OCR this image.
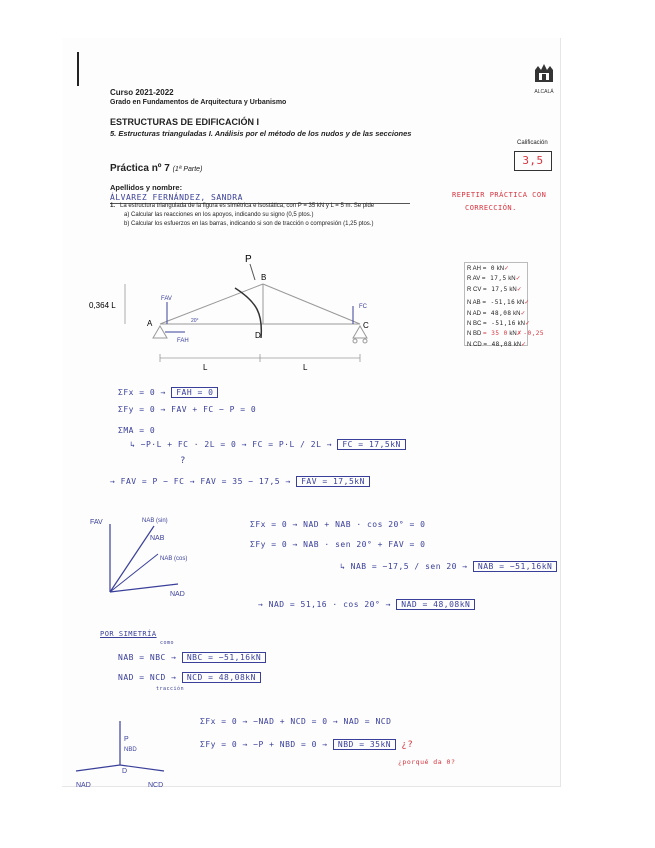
ALCALÁ
Curso 2021-2022
Grado en Fundamentos de Arquitectura y Urbanismo
ESTRUCTURAS DE EDIFICACIÓN I
5. Estructuras trianguladas I. Análisis por el método de los nudos y de las secciones
Calificación
3,5
Práctica nº 7 (1ª Parte)
Apellidos y nombre:
ÁLVAREZ FERNÁNDEZ, SANDRA	REPETIR PRÁCTICA CON
CORRECCIÓN.
1. La estructura triangulada de la figura es simétrica e isostática, con P = 35 kN y L = 5 m. Se pide
a) Calcular las reacciones en los apoyos, indicando su signo (0,5 ptos.)
b) Calcular los esfuerzos en las barras, indicando si son de tracción o compresión (1,25 ptos.)
P
B
A	C
D
0,364 L
L	L
FAV
FAH
FC
20°
R AH = 0 kN✓
R AV = 17,5 kN✓
R CV = 17,5 kN✓
N AB = -51,16 kN✓
N AD = 48,08 kN✓
N BC = -51,16 kN✓
N BD = 35 0 kN✗ -0,25
N CD = 48,08 kN✓
ΣFx = 0 → FAH = 0
ΣFy = 0 → FAV + FC − P = 0
ΣMA = 0
↳ −P·L + FC · 2L = 0 → FC = P·L / 2L → FC = 17,5kN
?
→ FAV = P − FC → FAV = 35 − 17,5 → FAV = 17,5kN
FAV	NAB (sin)
NAB
NAB (cos)
NAD
ΣFx = 0 → NAD + NAB · cos 20° = 0
ΣFy = 0 → NAB · sen 20° + FAV = 0
↳ NAB = −17,5 / sen 20 → NAB = −51,16kN
→ NAD = 51,16 · cos 20° → NAD = 48,08kN
POR SIMETRÍA
como
NAB = NBC → NBC = −51,16kN
NAD = NCD → NCD = 48,08kN
tracción
P
NBD
D
NAD	NCD
ΣFx = 0 → −NAD + NCD = 0 → NAD = NCD
ΣFy = 0 → −P + NBD = 0 → NBD = 35kN ¿?
¿porqué da 0?
